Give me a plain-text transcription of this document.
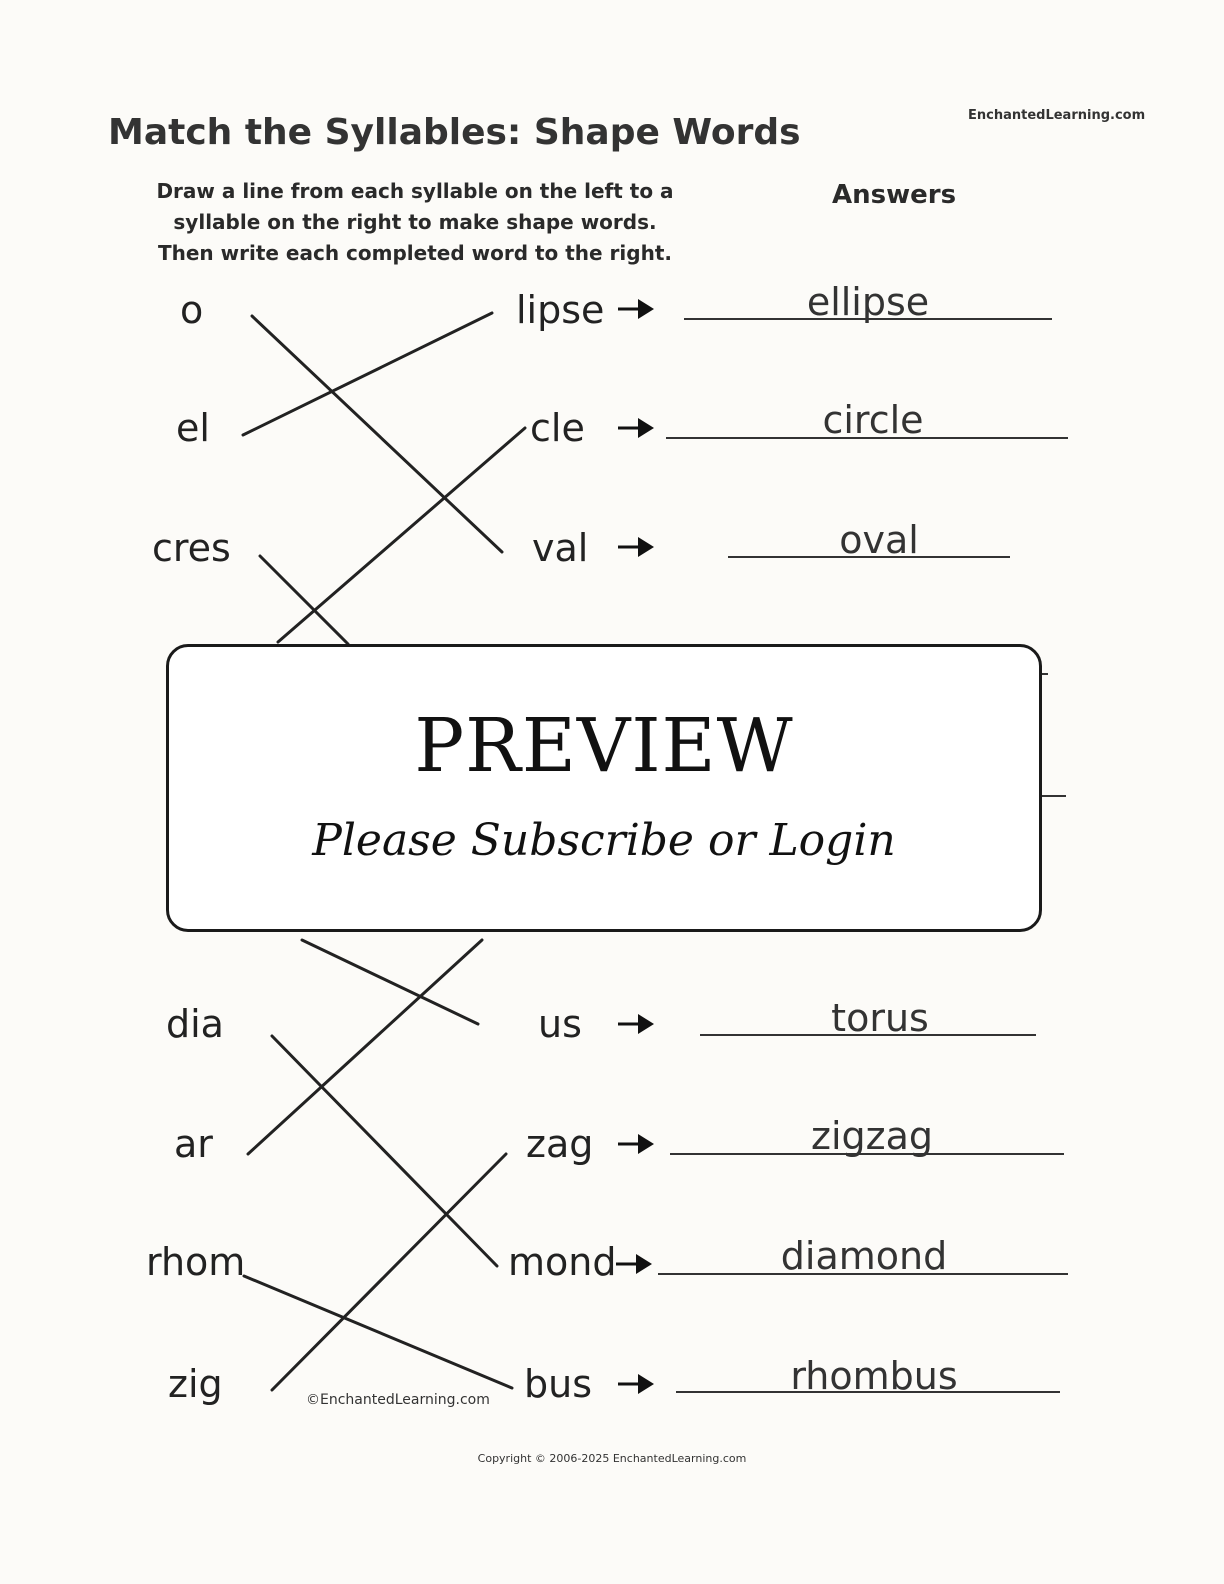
Match the Syllables: Shape Words	EnchantedLearning.com
Draw a line from each syllable on the left to a
syllable on the right to make shape words.
Then write each completed word to the right.
Answers
o
el
cres
dia
ar
rhom
zig
lipse
cle
val
us
zag
mond
bus
ellipse
circle
oval
torus
zigzag
diamond
rhombus
PREVIEW
Please Subscribe or Login
©EnchantedLearning.com
Copyright © 2006-2025 EnchantedLearning.com
